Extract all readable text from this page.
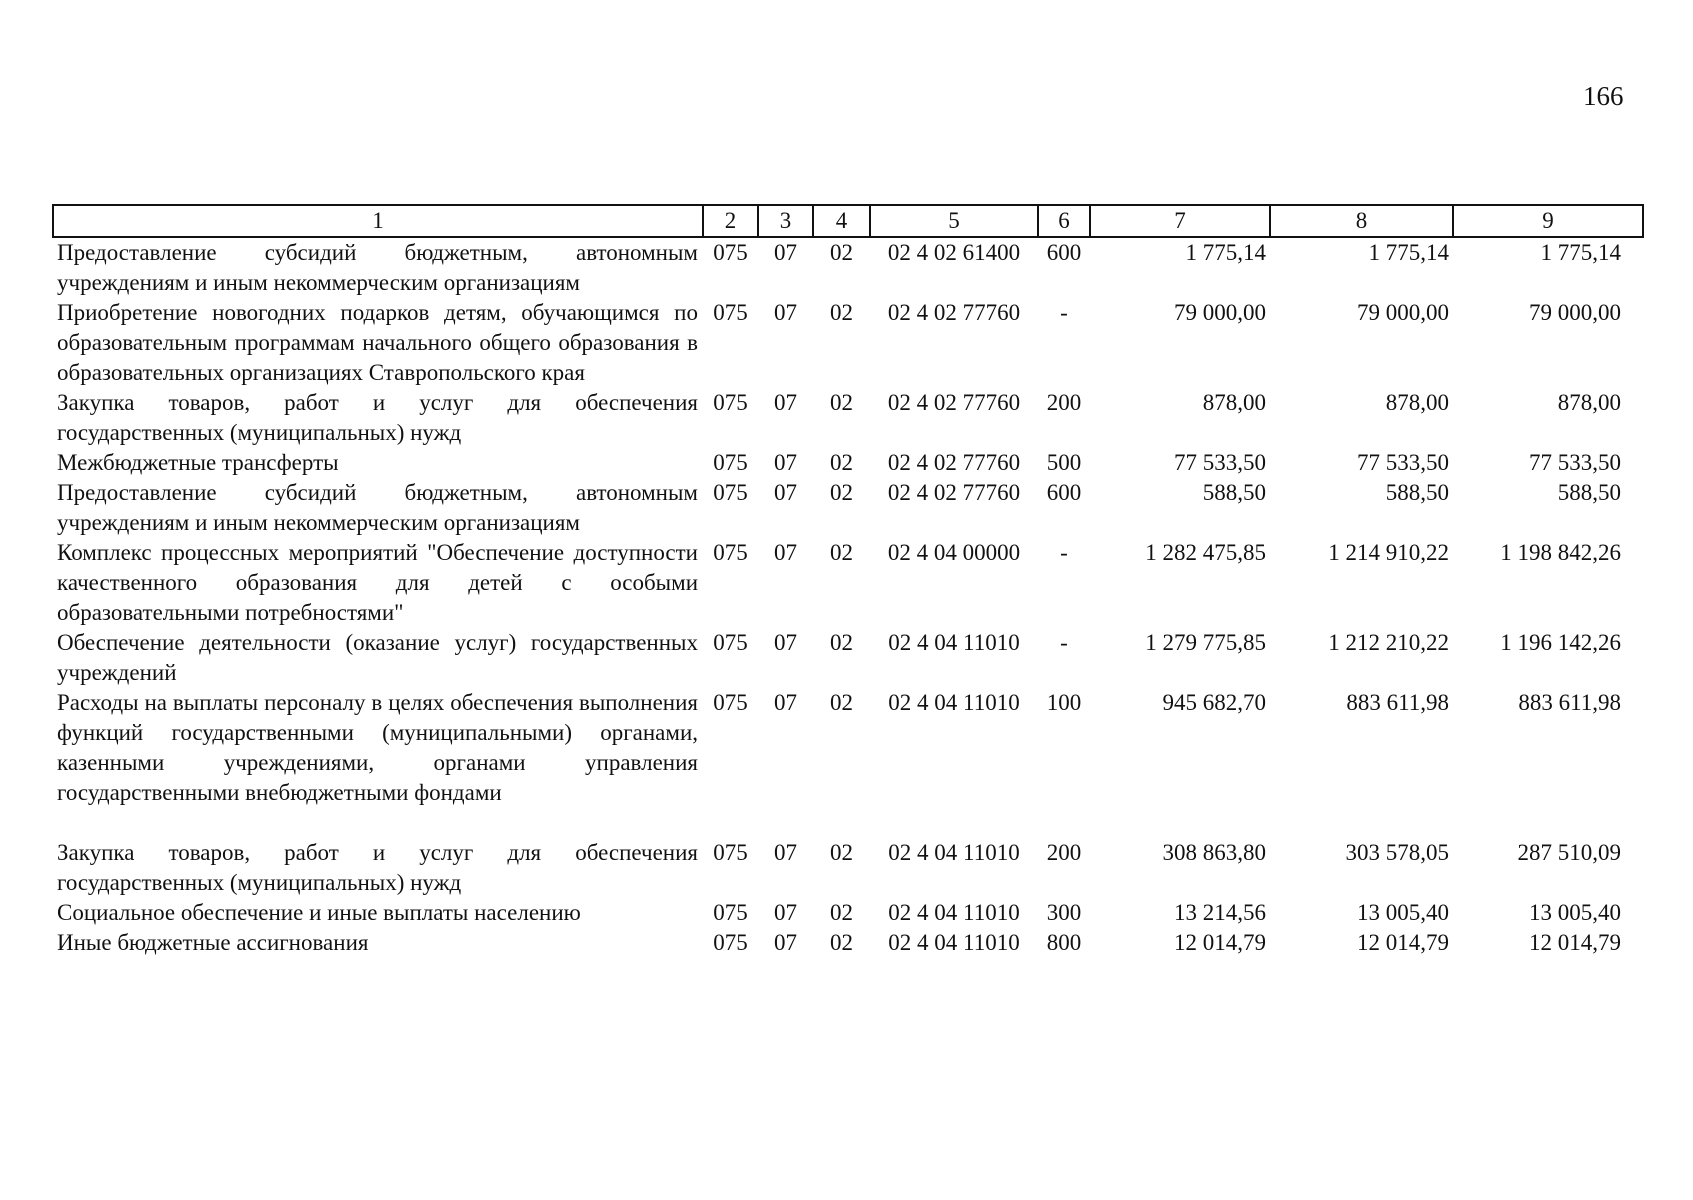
166
1	2	3	4	5	6	7	8	9
Предоставление субсидий бюджетным, автономным учреждениям и иным некоммерческим организациям	075	07	02	02 4 02 61400	600	1 775,14	1 775,14	1 775,14
Приобретение новогодних подарков детям, обучающимся по образовательным программам начального общего образования в образовательных организациях Ставропольского края	075	07	02	02 4 02 77760	-	79 000,00	79 000,00	79 000,00
Закупка товаров, работ и услуг для обеспечения государственных (муниципальных) нужд	075	07	02	02 4 02 77760	200	878,00	878,00	878,00
Межбюджетные трансферты	075	07	02	02 4 02 77760	500	77 533,50	77 533,50	77 533,50
Предоставление субсидий бюджетным, автономным учреждениям и иным некоммерческим организациям	075	07	02	02 4 02 77760	600	588,50	588,50	588,50
Комплекс процессных мероприятий "Обеспечение доступности качественного образования для детей с особыми образовательными потребностями"	075	07	02	02 4 04 00000	-	1 282 475,85	1 214 910,22	1 198 842,26
Обеспечение деятельности (оказание услуг) государственных учреждений	075	07	02	02 4 04 11010	-	1 279 775,85	1 212 210,22	1 196 142,26
Расходы на выплаты персоналу в целях обеспечения выполнения функций государственными (муниципальными) органами, казенными учреждениями, органами управления государственными внебюджетными фондами	075	07	02	02 4 04 11010	100	945 682,70	883 611,98	883 611,98
Закупка товаров, работ и услуг для обеспечения государственных (муниципальных) нужд	075	07	02	02 4 04 11010	200	308 863,80	303 578,05	287 510,09
Социальное обеспечение и иные выплаты населению	075	07	02	02 4 04 11010	300	13 214,56	13 005,40	13 005,40
Иные бюджетные ассигнования	075	07	02	02 4 04 11010	800	12 014,79	12 014,79	12 014,79
